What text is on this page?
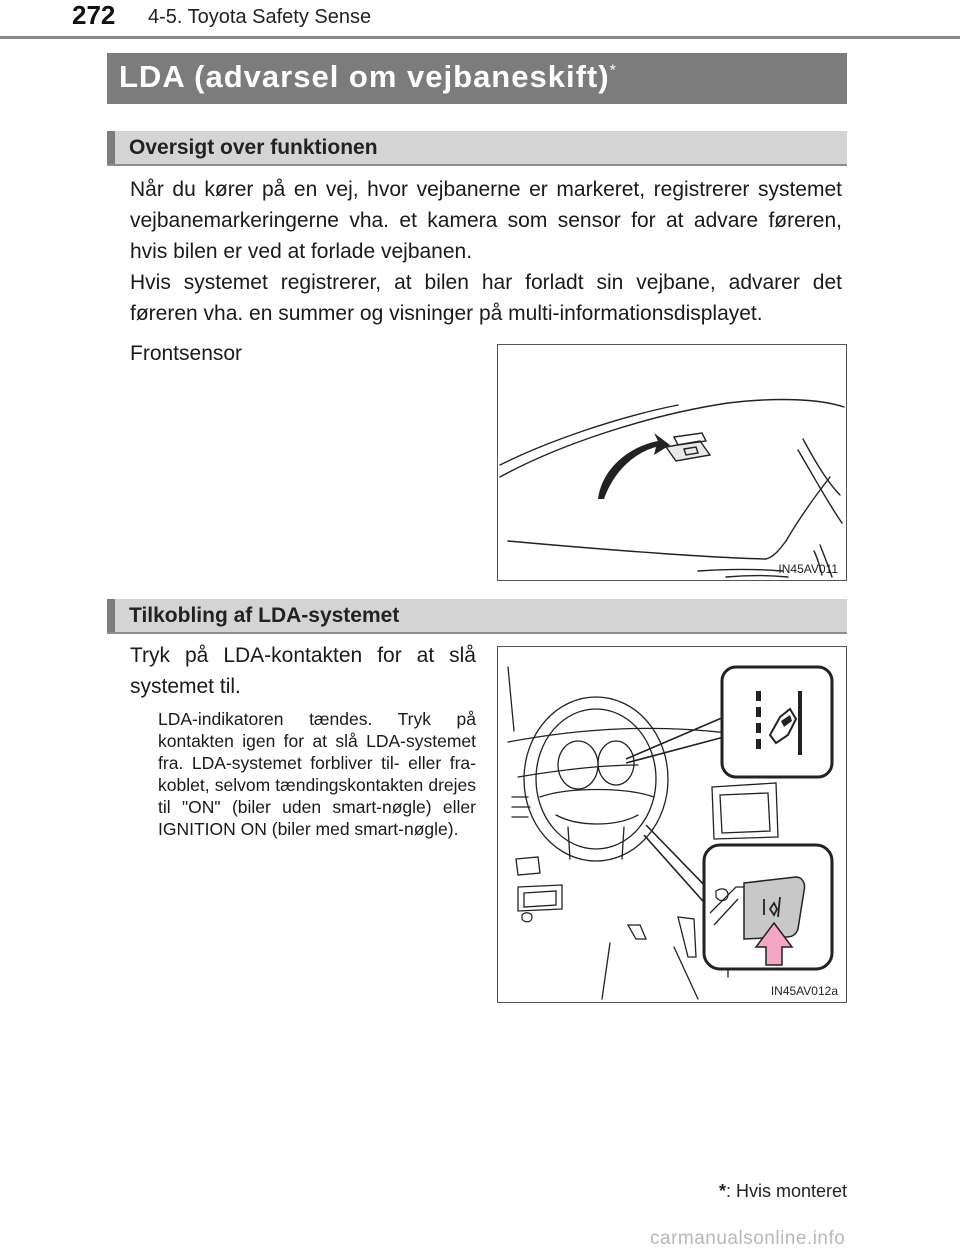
272 4-5. Toyota Safety Sense
LDA (advarsel om vejbaneskift)*
Oversigt over funktionen
Når du kører på en vej, hvor vejbanerne er markeret, registrerer systemet vejbanemarkeringerne vha. et kamera som sensor for at advare føreren, hvis bilen er ved at forlade vejbanen.
Hvis systemet registrerer, at bilen har forladt sin vejbane, advarer det føreren vha. en summer og visninger på multi-informationsdisplayet.
Frontsensor
IN45AV011
Tilkobling af LDA-systemet
Tryk på LDA-kontakten for at slå systemet til.
LDA-indikatoren tændes. Tryk på kontakten igen for at slå LDA-systemet fra. LDA-systemet forbliver til- eller fra-koblet, selvom tændingskontakten drejes til "ON" (biler uden smart-nøgle) eller IGNITION ON (biler med smart-nøgle).
IN45AV012a
*: Hvis monteret
carmanualsonline.info
